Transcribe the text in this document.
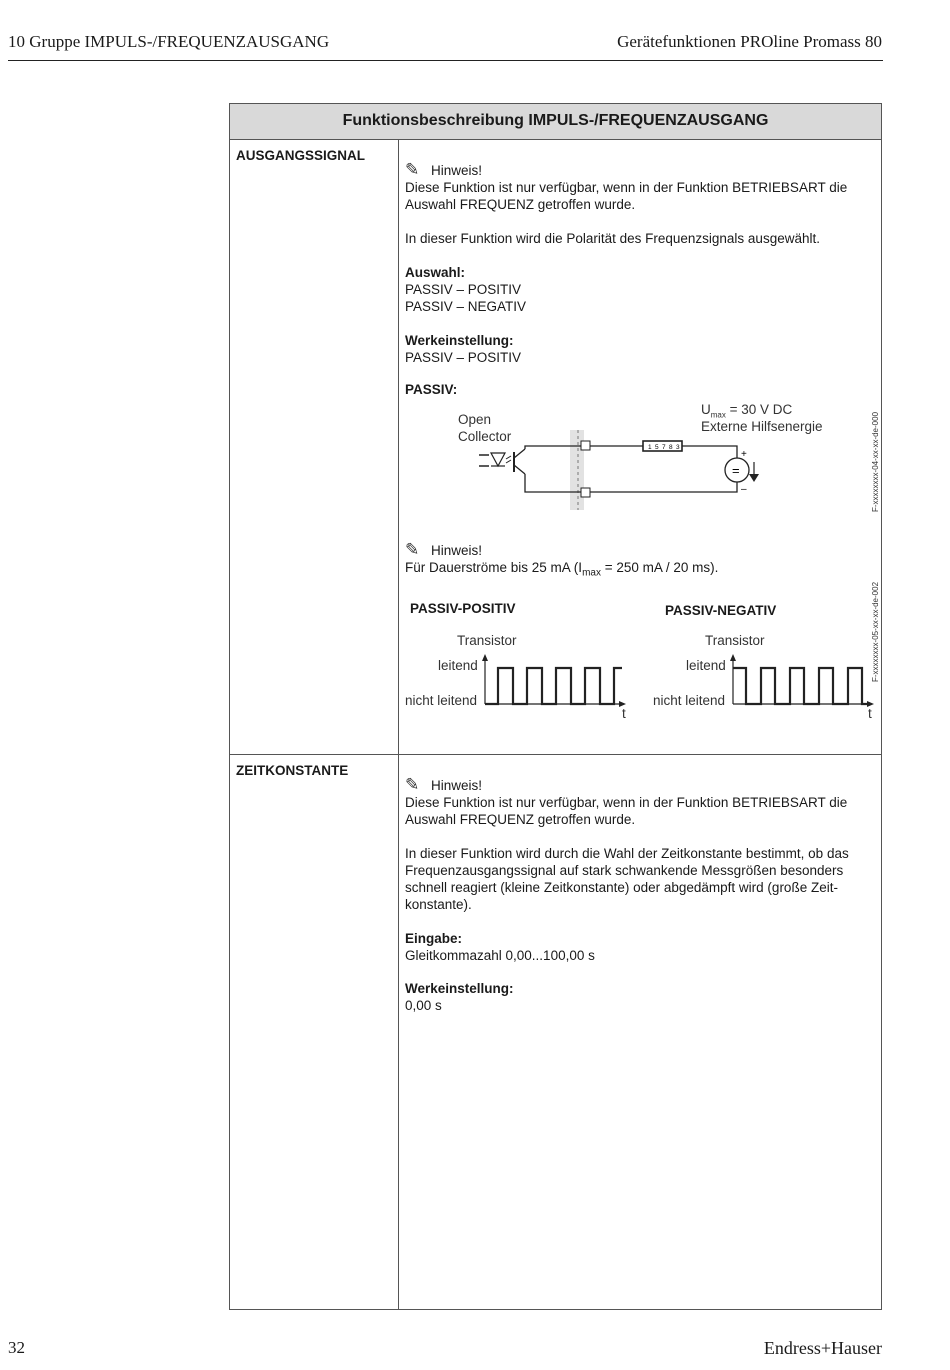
10 Gruppe IMPULS-/FREQUENZAUSGANG	Gerätefunktionen PROline Promass 80
Funktionsbeschreibung IMPULS-/FREQUENZAUSGANG
AUSGANGSSIGNAL
✎ Hinweis!
Diese Funktion ist nur verfügbar, wenn in der Funktion BETRIEBSART die
Auswahl FREQUENZ getroffen wurde.
In dieser Funktion wird die Polarität des Frequenzsignals ausgewählt.
Auswahl:
PASSIV – POSITIV
PASSIV – NEGATIV
Werkeinstellung:
PASSIV – POSITIV
PASSIV:
Open
Collector
$U_{max} = 30$ V DC
Externe Hilfsenergie
1 5 7 8 3
=
+
–	F-xxxxxxxx-04-xx-xx-de-000
✎ Hinweis!
Für Dauerströme bis 25 mA ($I_{max} = 250$ mA / 20 ms).
PASSIV-POSITIV	PASSIV-NEGATIV
Transistor
leitend
nicht leitend
t
Transistor
leitend
nicht leitend
t
F-xxxxxxxx-05-xx-xx-de-002
ZEITKONSTANTE
✎ Hinweis!
Diese Funktion ist nur verfügbar, wenn in der Funktion BETRIEBSART die
Auswahl FREQUENZ getroffen wurde.
In dieser Funktion wird durch die Wahl der Zeitkonstante bestimmt, ob das
Frequenzausgangssignal auf stark schwankende Messgrößen besonders
schnell reagiert (kleine Zeitkonstante) oder abgedämpft wird (große Zeit-
konstante).
Eingabe:
Gleitkommazahl 0,00...100,00 s
Werkeinstellung:
0,00 s
32	Endress+Hauser
